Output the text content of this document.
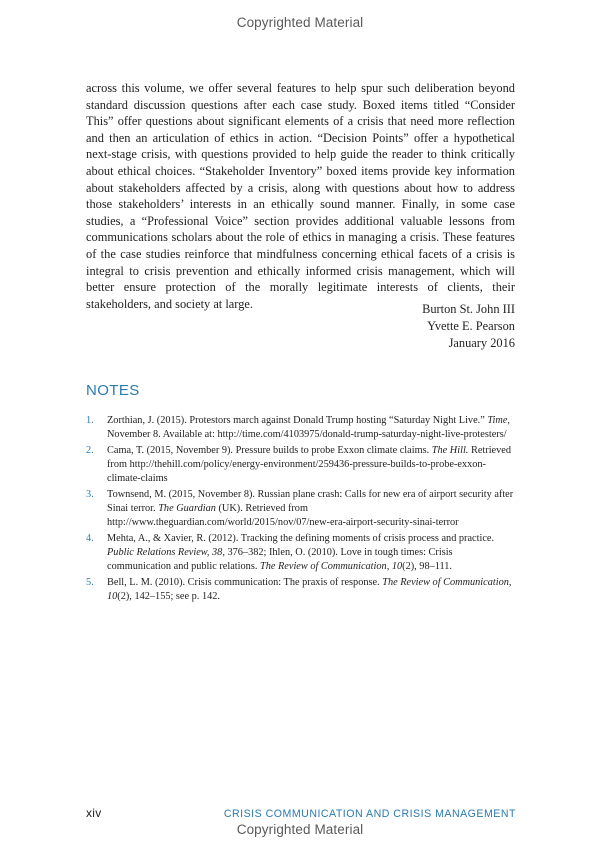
Copyrighted Material

across this volume, we offer several features to help spur such deliberation beyond standard discussion questions after each case study. Boxed items titled “Consider This” offer questions about significant elements of a crisis that need more reflection and then an articulation of ethics in action. “Decision Points” offer a hypothetical next-stage crisis, with questions provided to help guide the reader to think critically about ethical choices. “Stakeholder Inventory” boxed items provide key information about stakeholders affected by a crisis, along with questions about how to address those stakeholders’ interests in an ethically sound manner. Finally, in some case studies, a “Professional Voice” section provides additional valuable lessons from communications scholars about the role of ethics in managing a crisis. These features of the case studies reinforce that mindfulness concerning ethical facets of a crisis is integral to crisis prevention and ethically informed crisis management, which will better ensure protection of the morally legitimate interests of clients, their stakeholders, and society at large.	Burton St. John III
Yvette E. Pearson
January 2016
NOTES
1.	Zorthian, J. (2015). Protestors march against Donald Trump hosting “Saturday Night Live.” Time, November 8. Available at: http://time.com/4103975/donald-trump-saturday-night-live-protesters/
2.	Cama, T. (2015, November 9). Pressure builds to probe Exxon climate claims. The Hill. Retrieved from http://thehill.com/policy/energy-environment/259436-pressure-builds-to-probe-exxon-climate-claims
3.	Townsend, M. (2015, November 8). Russian plane crash: Calls for new era of airport security after Sinai terror. The Guardian (UK). Retrieved from http://www.theguardian.com/world/2015/nov/07/new-era-airport-security-sinai-terror
4.	Mehta, A., & Xavier, R. (2012). Tracking the defining moments of crisis process and practice. Public Relations Review, 38, 376–382; Ihlen, O. (2010). Love in tough times: Crisis communication and public relations. The Review of Communication, 10(2), 98–111.
5.	Bell, L. M. (2010). Crisis communication: The praxis of response. The Review of Communication, 10(2), 142–155; see p. 142.
xiv	CRISIS COMMUNICATION AND CRISIS MANAGEMENT
Copyrighted Material
